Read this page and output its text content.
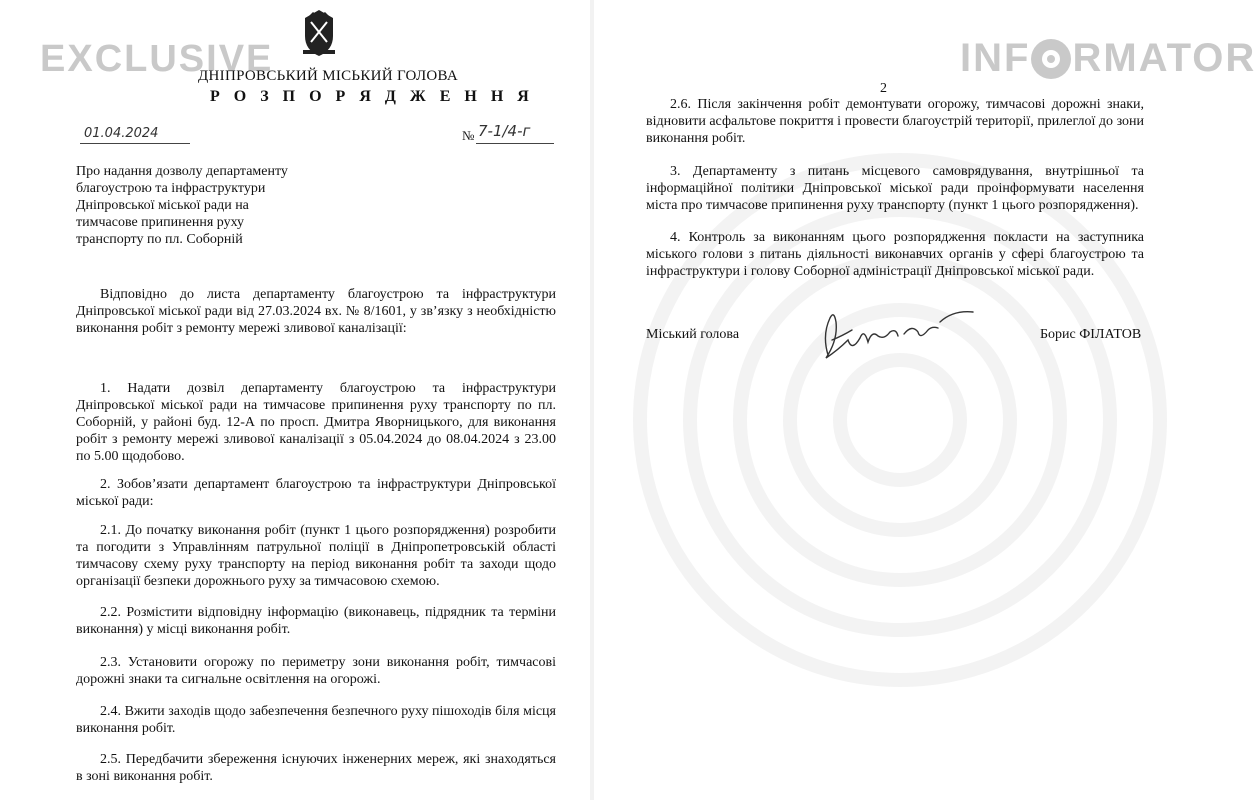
EXCLUSIVE	INF RMATOR
ДНІПРОВСЬКИЙ МІСЬКИЙ ГОЛОВА
Р О З П О Р Я Д Ж Е Н Н Я
01.04.2024	№ 7-1/4-г
Про надання дозволу департаменту благоустрою та інфраструктури Дніпровської міської ради на тимчасове припинення руху транспорту по пл. Соборній
Відповідно до листа департаменту благоустрою та інфраструктури Дніпровської міської ради від 27.03.2024 вх. № 8/1601, у зв’язку з необхідністю виконання робіт з ремонту мережі зливової каналізації:
1. Надати дозвіл департаменту благоустрою та інфраструктури Дніпровської міської ради на тимчасове припинення руху транспорту по пл. Соборній, у районі буд. 12-А по просп. Дмитра Яворницького, для виконання робіт з ремонту мережі зливової каналізації з 05.04.2024 до 08.04.2024 з 23.00 по 5.00 щодобово.
2. Зобов’язати департамент благоустрою та інфраструктури Дніпровської міської ради:
2.1. До початку виконання робіт (пункт 1 цього розпорядження) розробити та погодити з Управлінням патрульної поліції в Дніпропетровській області тимчасову схему руху транспорту на період виконання робіт та заходи щодо організації безпеки дорожнього руху за тимчасовою схемою.
2.2. Розмістити відповідну інформацію (виконавець, підрядник та терміни виконання) у місці виконання робіт.
2.3. Установити огорожу по периметру зони виконання робіт, тимчасові дорожні знаки та сигнальне освітлення на огорожі.
2.4. Вжити заходів щодо забезпечення безпечного руху пішоходів біля місця виконання робіт.
2.5. Передбачити збереження існуючих інженерних мереж, які знаходяться в зоні виконання робіт.
2
2.6. Після закінчення робіт демонтувати огорожу, тимчасові дорожні знаки, відновити асфальтове покриття і провести благоустрій території, прилеглої до зони виконання робіт.
3. Департаменту з питань місцевого самоврядування, внутрішньої та інформаційної політики Дніпровської міської ради проінформувати населення міста про тимчасове припинення руху транспорту (пункт 1 цього розпорядження).
4. Контроль за виконанням цього розпорядження покласти на заступника міського голови з питань діяльності виконавчих органів у сфері благоустрою та інфраструктури і голову Соборної адміністрації Дніпровської міської ради.
Міський голова	Борис ФІЛАТОВ
